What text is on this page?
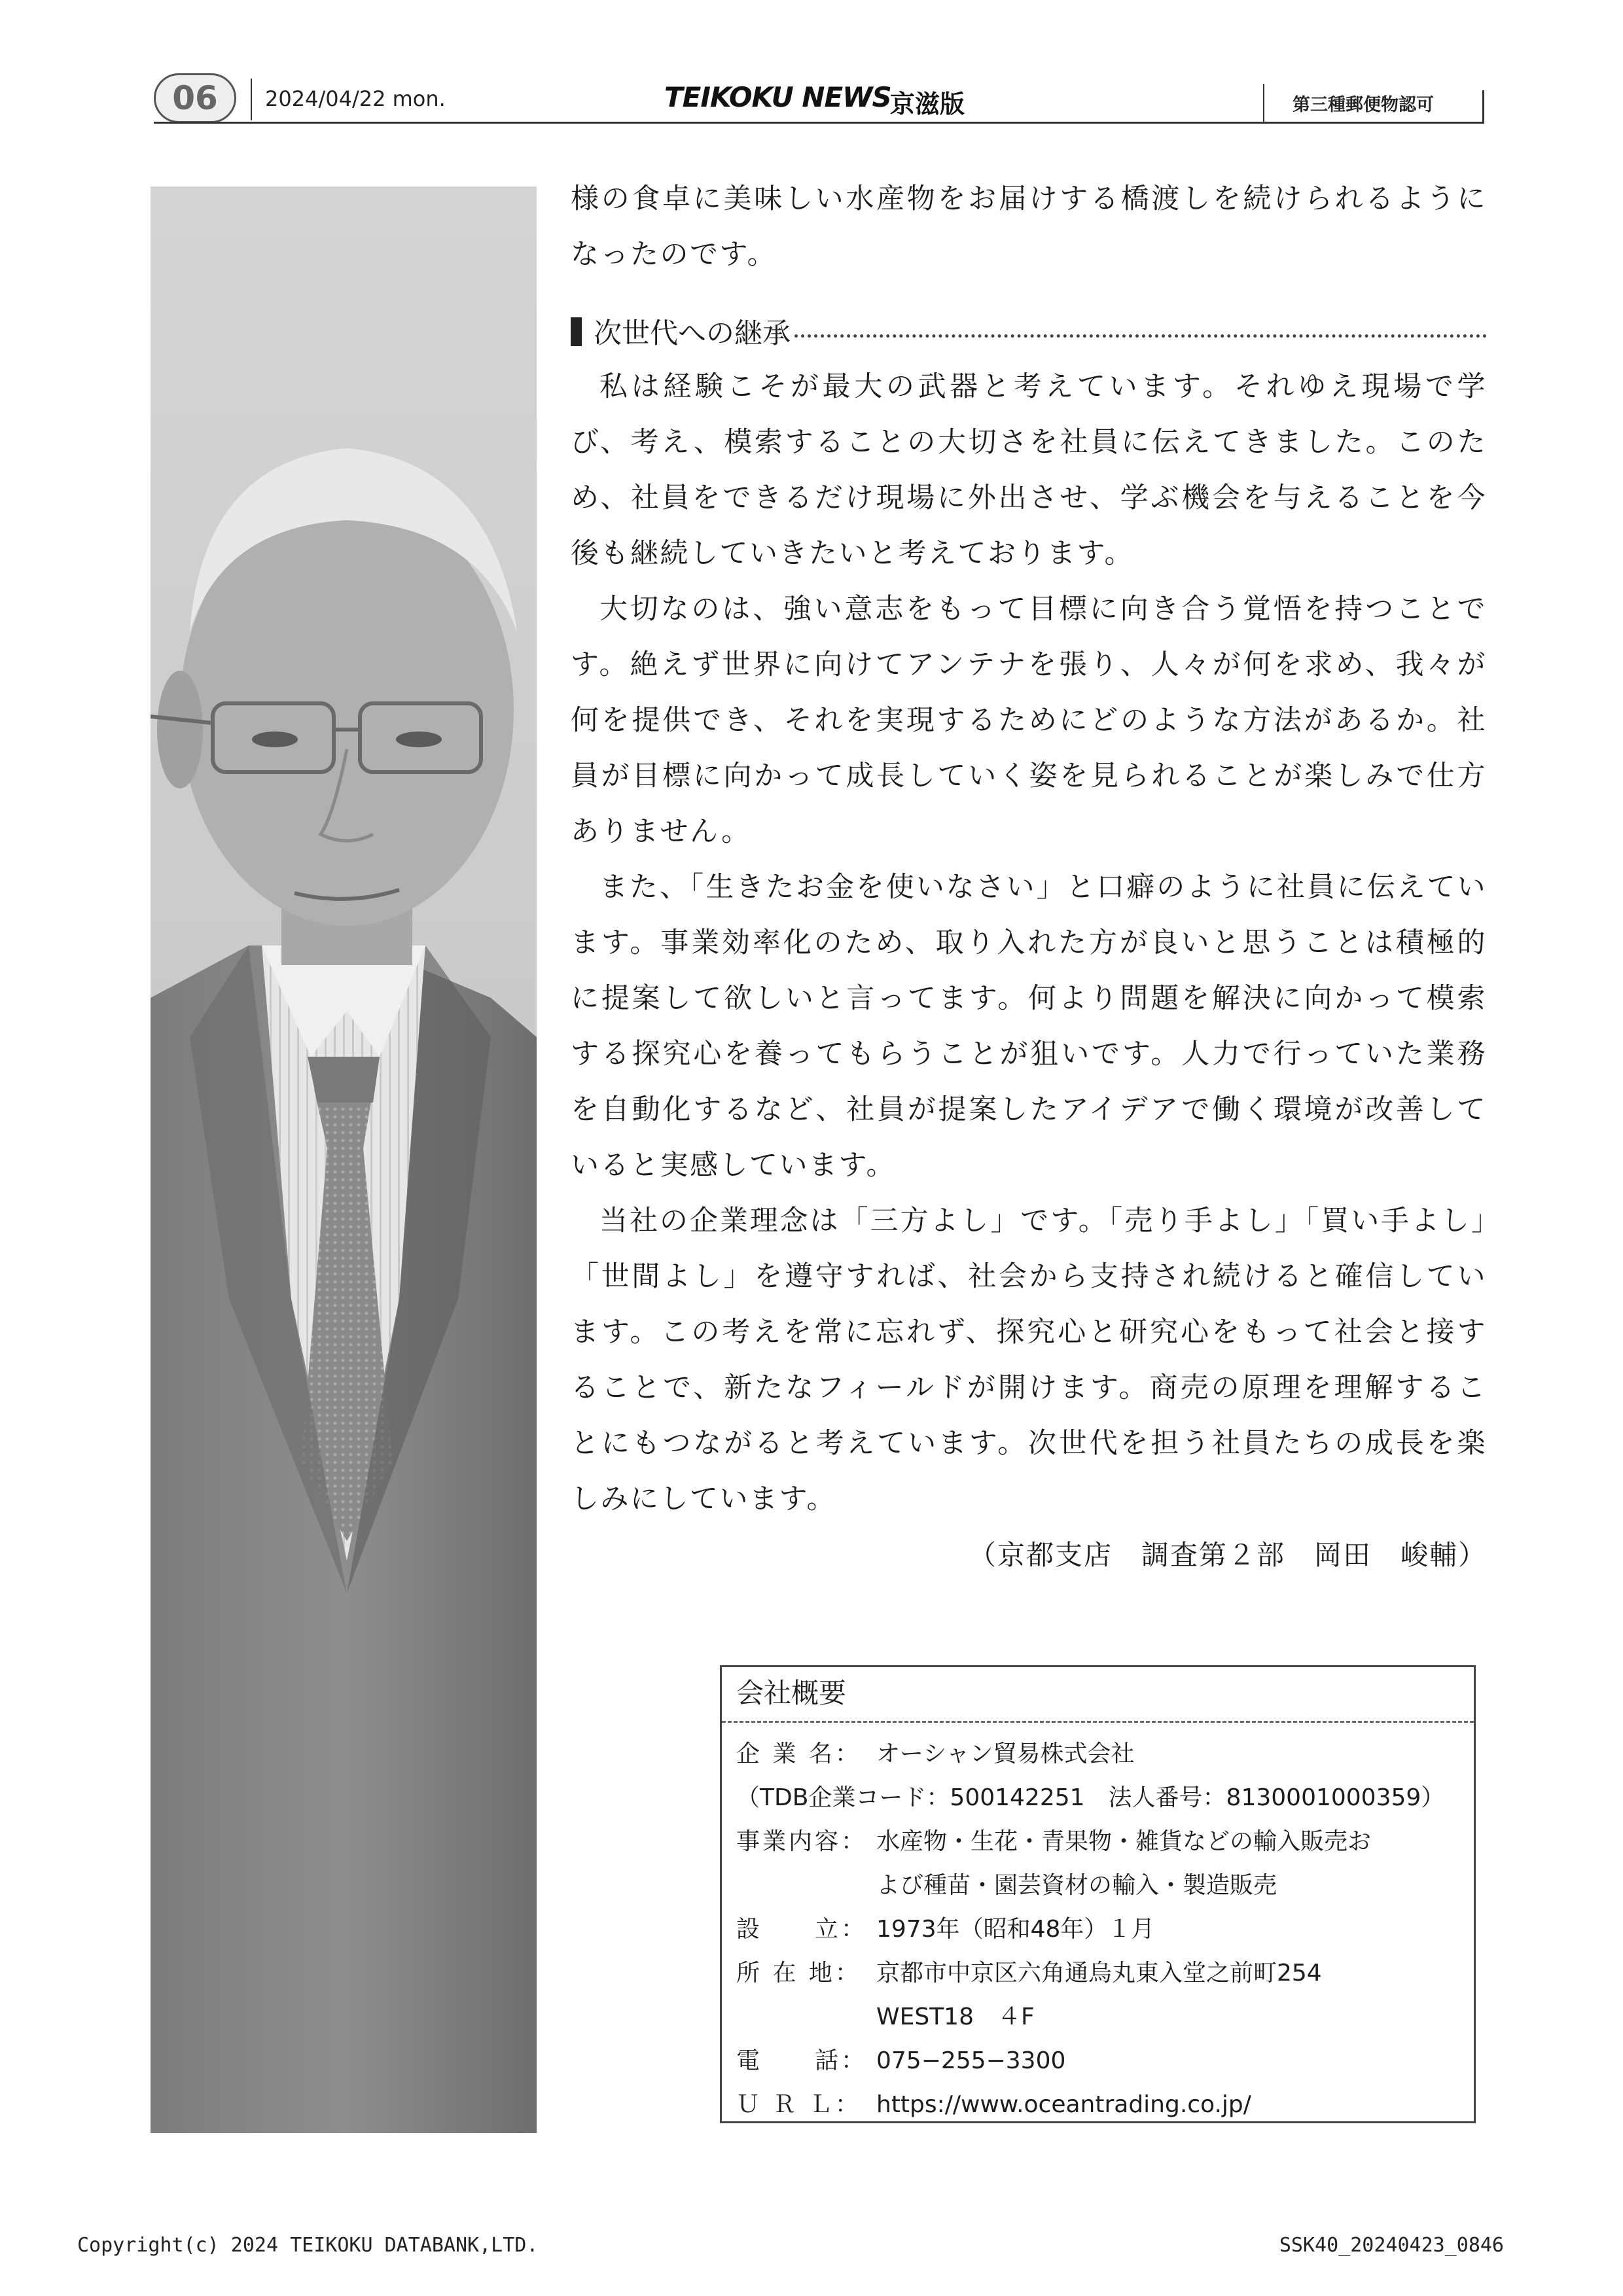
06	2024/04/22 mon.	TEIKOKU NEWS
京滋版	第三種郵便物認可

様の食卓に美味しい水産物をお届けする橋渡しを続けられるようになったのです。

次世代への継承

私は経験こそが最大の武器と考えています。それゆえ現場で学び、考え、模索することの大切さを社員に伝えてきました。このため、社員をできるだけ現場に外出させ、学ぶ機会を与えることを今後も継続していきたいと考えております。

大切なのは、強い意志をもって目標に向き合う覚悟を持つことです。絶えず世界に向けてアンテナを張り、人々が何を求め、我々が何を提供でき、それを実現するためにどのような方法があるか。社員が目標に向かって成長していく姿を見られることが楽しみで仕方ありません。

また、「生きたお金を使いなさい」と口癖のように社員に伝えています。事業効率化のため、取り入れた方が良いと思うことは積極的に提案して欲しいと言ってます。何より問題を解決に向かって模索する探究心を養ってもらうことが狙いです。人力で行っていた業務を自動化するなど、社員が提案したアイデアで働く環境が改善していると実感しています。

当社の企業理念は「三方よし」です。「売り手よし」「買い手よし」「世間よし」を遵守すれば、社会から支持され続けると確信しています。この考えを常に忘れず、探究心と研究心をもって社会と接することで、新たなフィールドが開けます。商売の原理を理解することにもつながると考えています。次世代を担う社員たちの成長を楽しみにしています。

（京都支店　調査第２部　岡田　峻輔）
会社概要
企 業 名： オーシャン貿易株式会社
（TDB企業コード：500142251　法人番号：8130001000359）
事業内容： 水産物・生花・青果物・雑貨などの輸入販売お
よび種苗・園芸資材の輸入・製造販売
設　　立： 1973年（昭和48年）１月
所 在 地： 京都市中京区六角通烏丸東入堂之前町254
WEST18　４F
電　　話： 075−255−3300
Ｕ Ｒ Ｌ： https://www.oceantrading.co.jp/
Copyright(c) 2024 TEIKOKU DATABANK,LTD.	SSK40_20240423_0846
